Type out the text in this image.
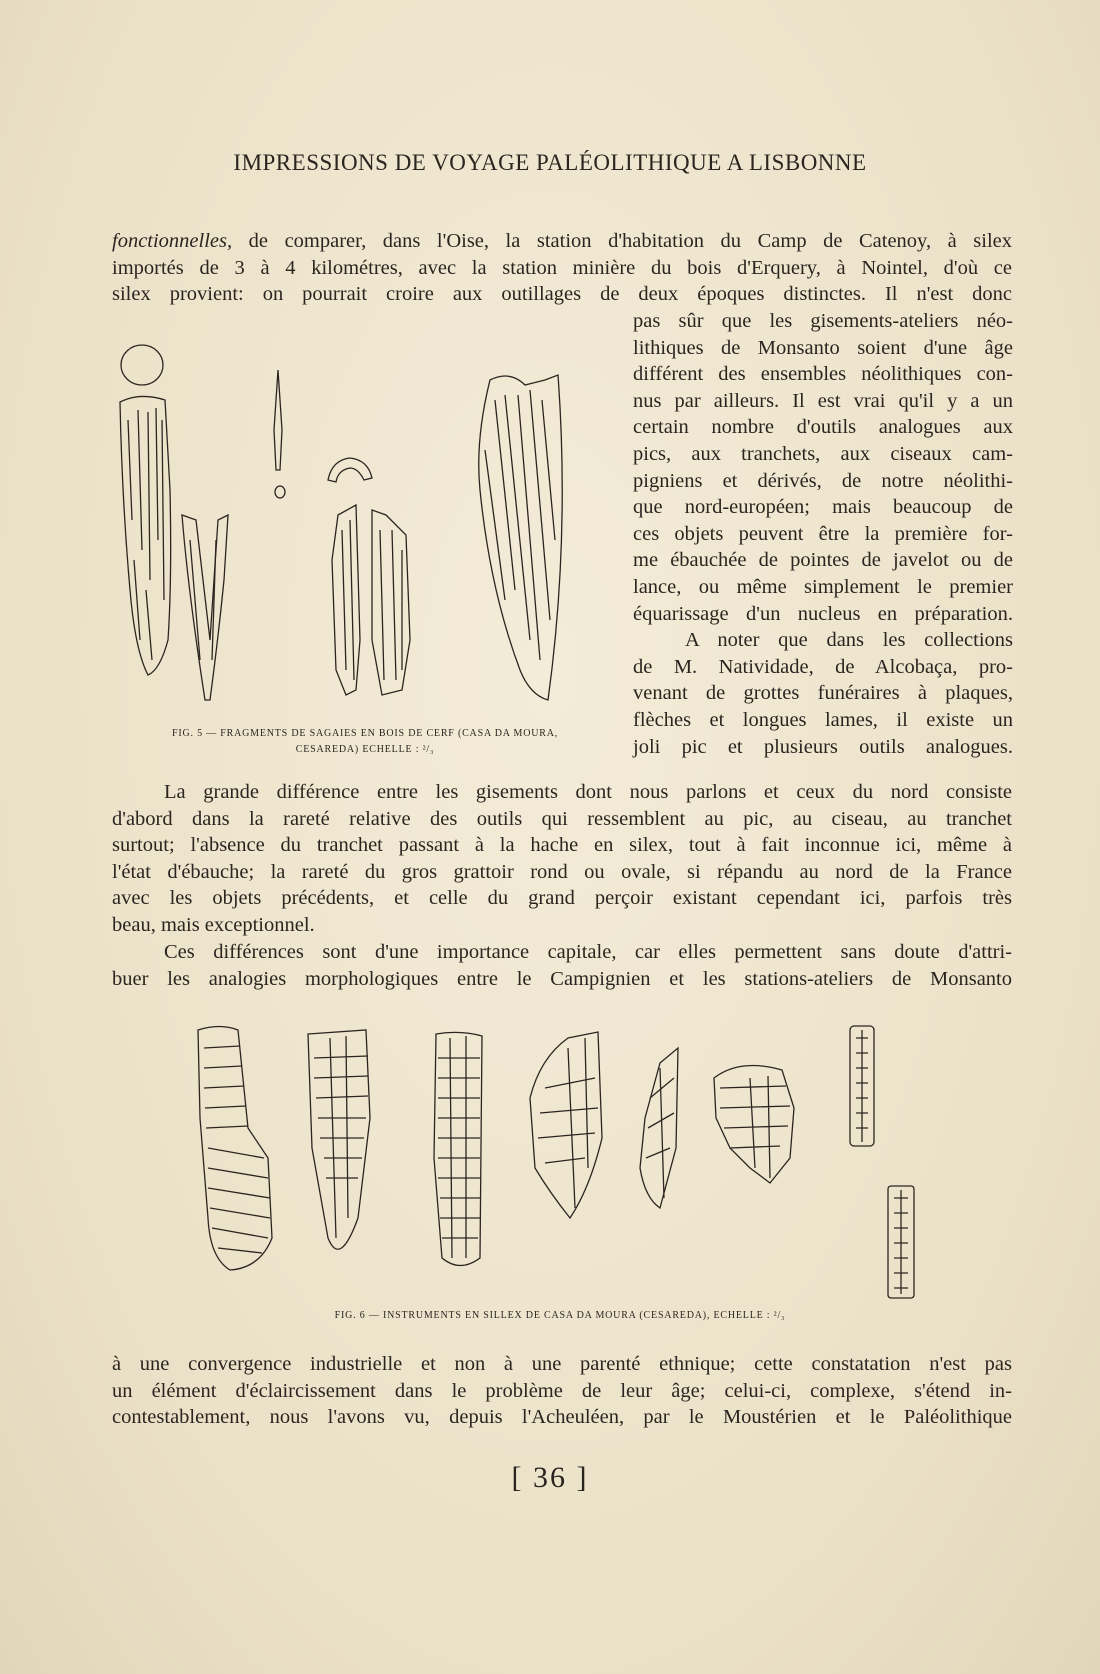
IMPRESSIONS DE VOYAGE PALÉOLITHIQUE A LISBONNE
fonctionnelles, de comparer, dans l'Oise, la station d'habitation du Camp de Catenoy, à silex
importés de 3 à 4 kilométres, avec la station minière du bois d'Erquery, à Nointel, d'où ce
silex provient: on pourrait croire aux outillages de deux époques distinctes. Il n'est donc
pas sûr que les gisements-ateliers néo-
lithiques de Monsanto soient d'une âge
différent des ensembles néolithiques con-
nus par ailleurs. Il est vrai qu'il y a un
certain nombre d'outils analogues aux
pics, aux tranchets, aux ciseaux cam-
pigniens et dérivés, de notre néolithi-
que nord-européen; mais beaucoup de
ces objets peuvent être la première for-
me ébauchée de pointes de javelot ou de
lance, ou même simplement le premier
équarissage d'un nucleus en préparation.
A noter que dans les collections
de M. Natividade, de Alcobaça, pro-
venant de grottes funéraires à plaques,
flèches et longues lames, il existe un
joli pic et plusieurs outils analogues.
FIG. 5 — FRAGMENTS DE SAGAIES EN BOIS DE CERF (CASA DA MOURA,
CESAREDA) ECHELLE : ²/₃
La grande différence entre les gisements dont nous parlons et ceux du nord consiste
d'abord dans la rareté relative des outils qui ressemblent au pic, au ciseau, au tranchet
surtout; l'absence du tranchet passant à la hache en silex, tout à fait inconnue ici, même à
l'état d'ébauche; la rareté du gros grattoir rond ou ovale, si répandu au nord de la France
avec les objets précédents, et celle du grand perçoir existant cependant ici, parfois très
beau, mais exceptionnel.
Ces différences sont d'une importance capitale, car elles permettent sans doute d'attri-
buer les analogies morphologiques entre le Campignien et les stations-ateliers de Monsanto
FIG. 6 — INSTRUMENTS EN SILLEX DE CASA DA MOURA (CESAREDA), ECHELLE : ²/₃
à une convergence industrielle et non à une parenté ethnique; cette constatation n'est pas
un élément d'éclaircissement dans le problème de leur âge; celui-ci, complexe, s'étend in-
contestablement, nous l'avons vu, depuis l'Acheuléen, par le Moustérien et le Paléolithique
[ 36 ]
